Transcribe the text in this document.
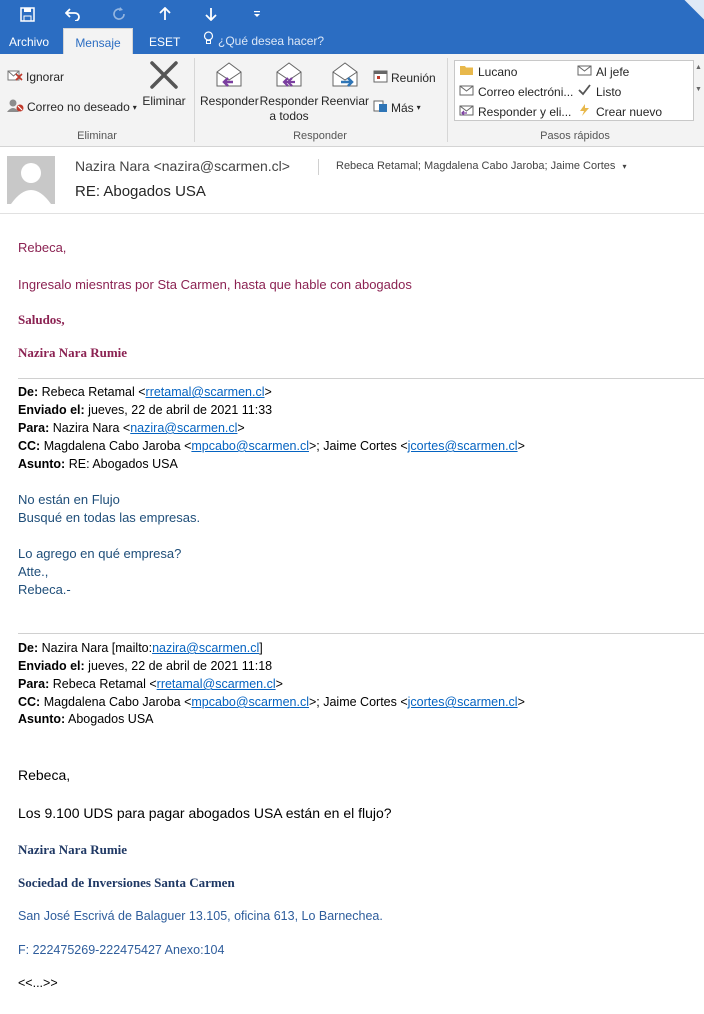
Archivo	Mensaje	ESET	¿Qué desea hacer?
Ignorar
Correo no deseado ▾ Eliminar
Eliminar
Responder Responder
a todos
Reenviar
Reunión
Más ▾
Responder
Lucano
Correo electróni...
Responder y eli...
Al jefe
Listo
Crear nuevo
▲
▼
Pasos rápidos
Nazira Nara <nazira@scarmen.cl>	Rebeca Retamal; Magdalena Cabo Jaroba; Jaime Cortes ▾
RE: Abogados USA
Rebeca,
Ingresalo miesntras por Sta Carmen, hasta que hable con abogados
Saludos,
Nazira Nara Rumie
De: Rebeca Retamal <rretamal@scarmen.cl>
Enviado el: jueves, 22 de abril de 2021 11:33
Para: Nazira Nara <nazira@scarmen.cl>
CC: Magdalena Cabo Jaroba <mpcabo@scarmen.cl>; Jaime Cortes <jcortes@scarmen.cl>
Asunto: RE: Abogados USA
No están en Flujo
Busqué en todas las empresas.
Lo agrego en qué empresa?
Atte.,
Rebeca.-
De: Nazira Nara [mailto:nazira@scarmen.cl]
Enviado el: jueves, 22 de abril de 2021 11:18
Para: Rebeca Retamal <rretamal@scarmen.cl>
CC: Magdalena Cabo Jaroba <mpcabo@scarmen.cl>; Jaime Cortes <jcortes@scarmen.cl>
Asunto: Abogados USA
Rebeca,
Los 9.100 UDS para pagar abogados USA están en el flujo?
Nazira Nara Rumie
Sociedad de Inversiones Santa Carmen
San José Escrivá de Balaguer 13.105, oficina 613, Lo Barnechea.
F: 222475269-222475427 Anexo:104
<<...>>
